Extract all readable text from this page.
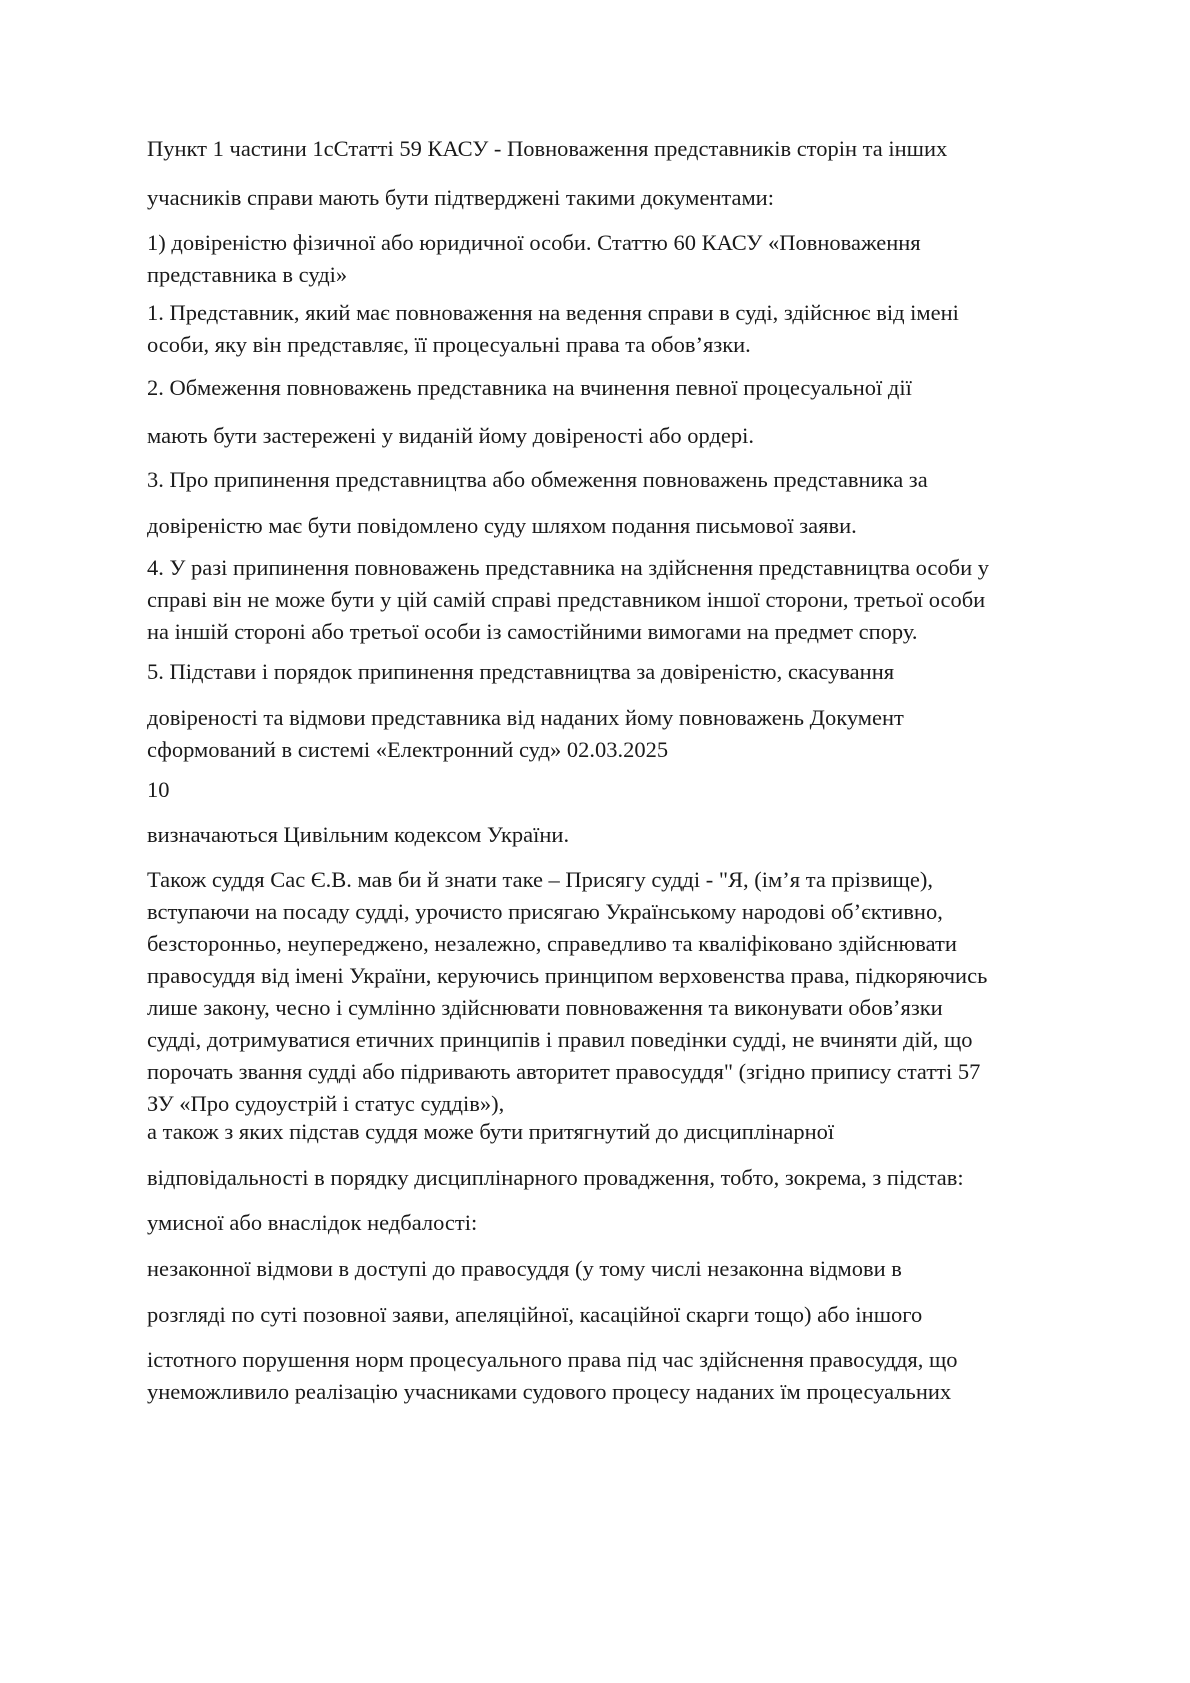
Пункт 1 частини 1сСтатті 59 КАСУ - Повноваження представників сторін та інших

учасників справи мають бути підтверджені такими документами:

1) довіреністю фізичної або юридичної особи. Статтю 60 КАСУ «Повноваження
представника в суді»

1. Представник, який має повноваження на ведення справи в суді, здійснює від імені
особи, яку він представляє, її процесуальні права та обов’язки.

2. Обмеження повноважень представника на вчинення певної процесуальної дії

мають бути застережені у виданій йому довіреності або ордері.

3. Про припинення представництва або обмеження повноважень представника за

довіреністю має бути повідомлено суду шляхом подання письмової заяви.

4. У разі припинення повноважень представника на здійснення представництва особи у
справі він не може бути у цій самій справі представником іншої сторони, третьої особи
на іншій стороні або третьої особи із самостійними вимогами на предмет спору.

5. Підстави і порядок припинення представництва за довіреністю, скасування

довіреності та відмови представника від наданих йому повноважень Документ
сформований в системі «Електронний суд» 02.03.2025

10

визначаються Цивільним кодексом України.

Також суддя Сас Є.В. мав би й знати таке – Присягу судді - "Я, (ім’я та прізвище),
вступаючи на посаду судді, урочисто присягаю Українському народові об’єктивно,
безсторонньо, неупереджено, незалежно, справедливо та кваліфіковано здійснювати
правосуддя від імені України, керуючись принципом верховенства права, підкоряючись
лише закону, чесно і сумлінно здійснювати повноваження та виконувати обов’язки
судді, дотримуватися етичних принципів і правил поведінки судді, не вчиняти дій, що
порочать звання судді або підривають авторитет правосуддя" (згідно припису статті 57
ЗУ «Про судоустрій і статус суддів»),

а також з яких підстав суддя може бути притягнутий до дисциплінарної

відповідальності в порядку дисциплінарного провадження, тобто, зокрема, з підстав:

умисної або внаслідок недбалості:

незаконної відмови в доступі до правосуддя (у тому числі незаконна відмови в

розгляді по суті позовної заяви, апеляційної, касаційної скарги тощо) або іншого

істотного порушення норм процесуального права під час здійснення правосуддя, що
унеможливило реалізацію учасниками судового процесу наданих їм процесуальних
